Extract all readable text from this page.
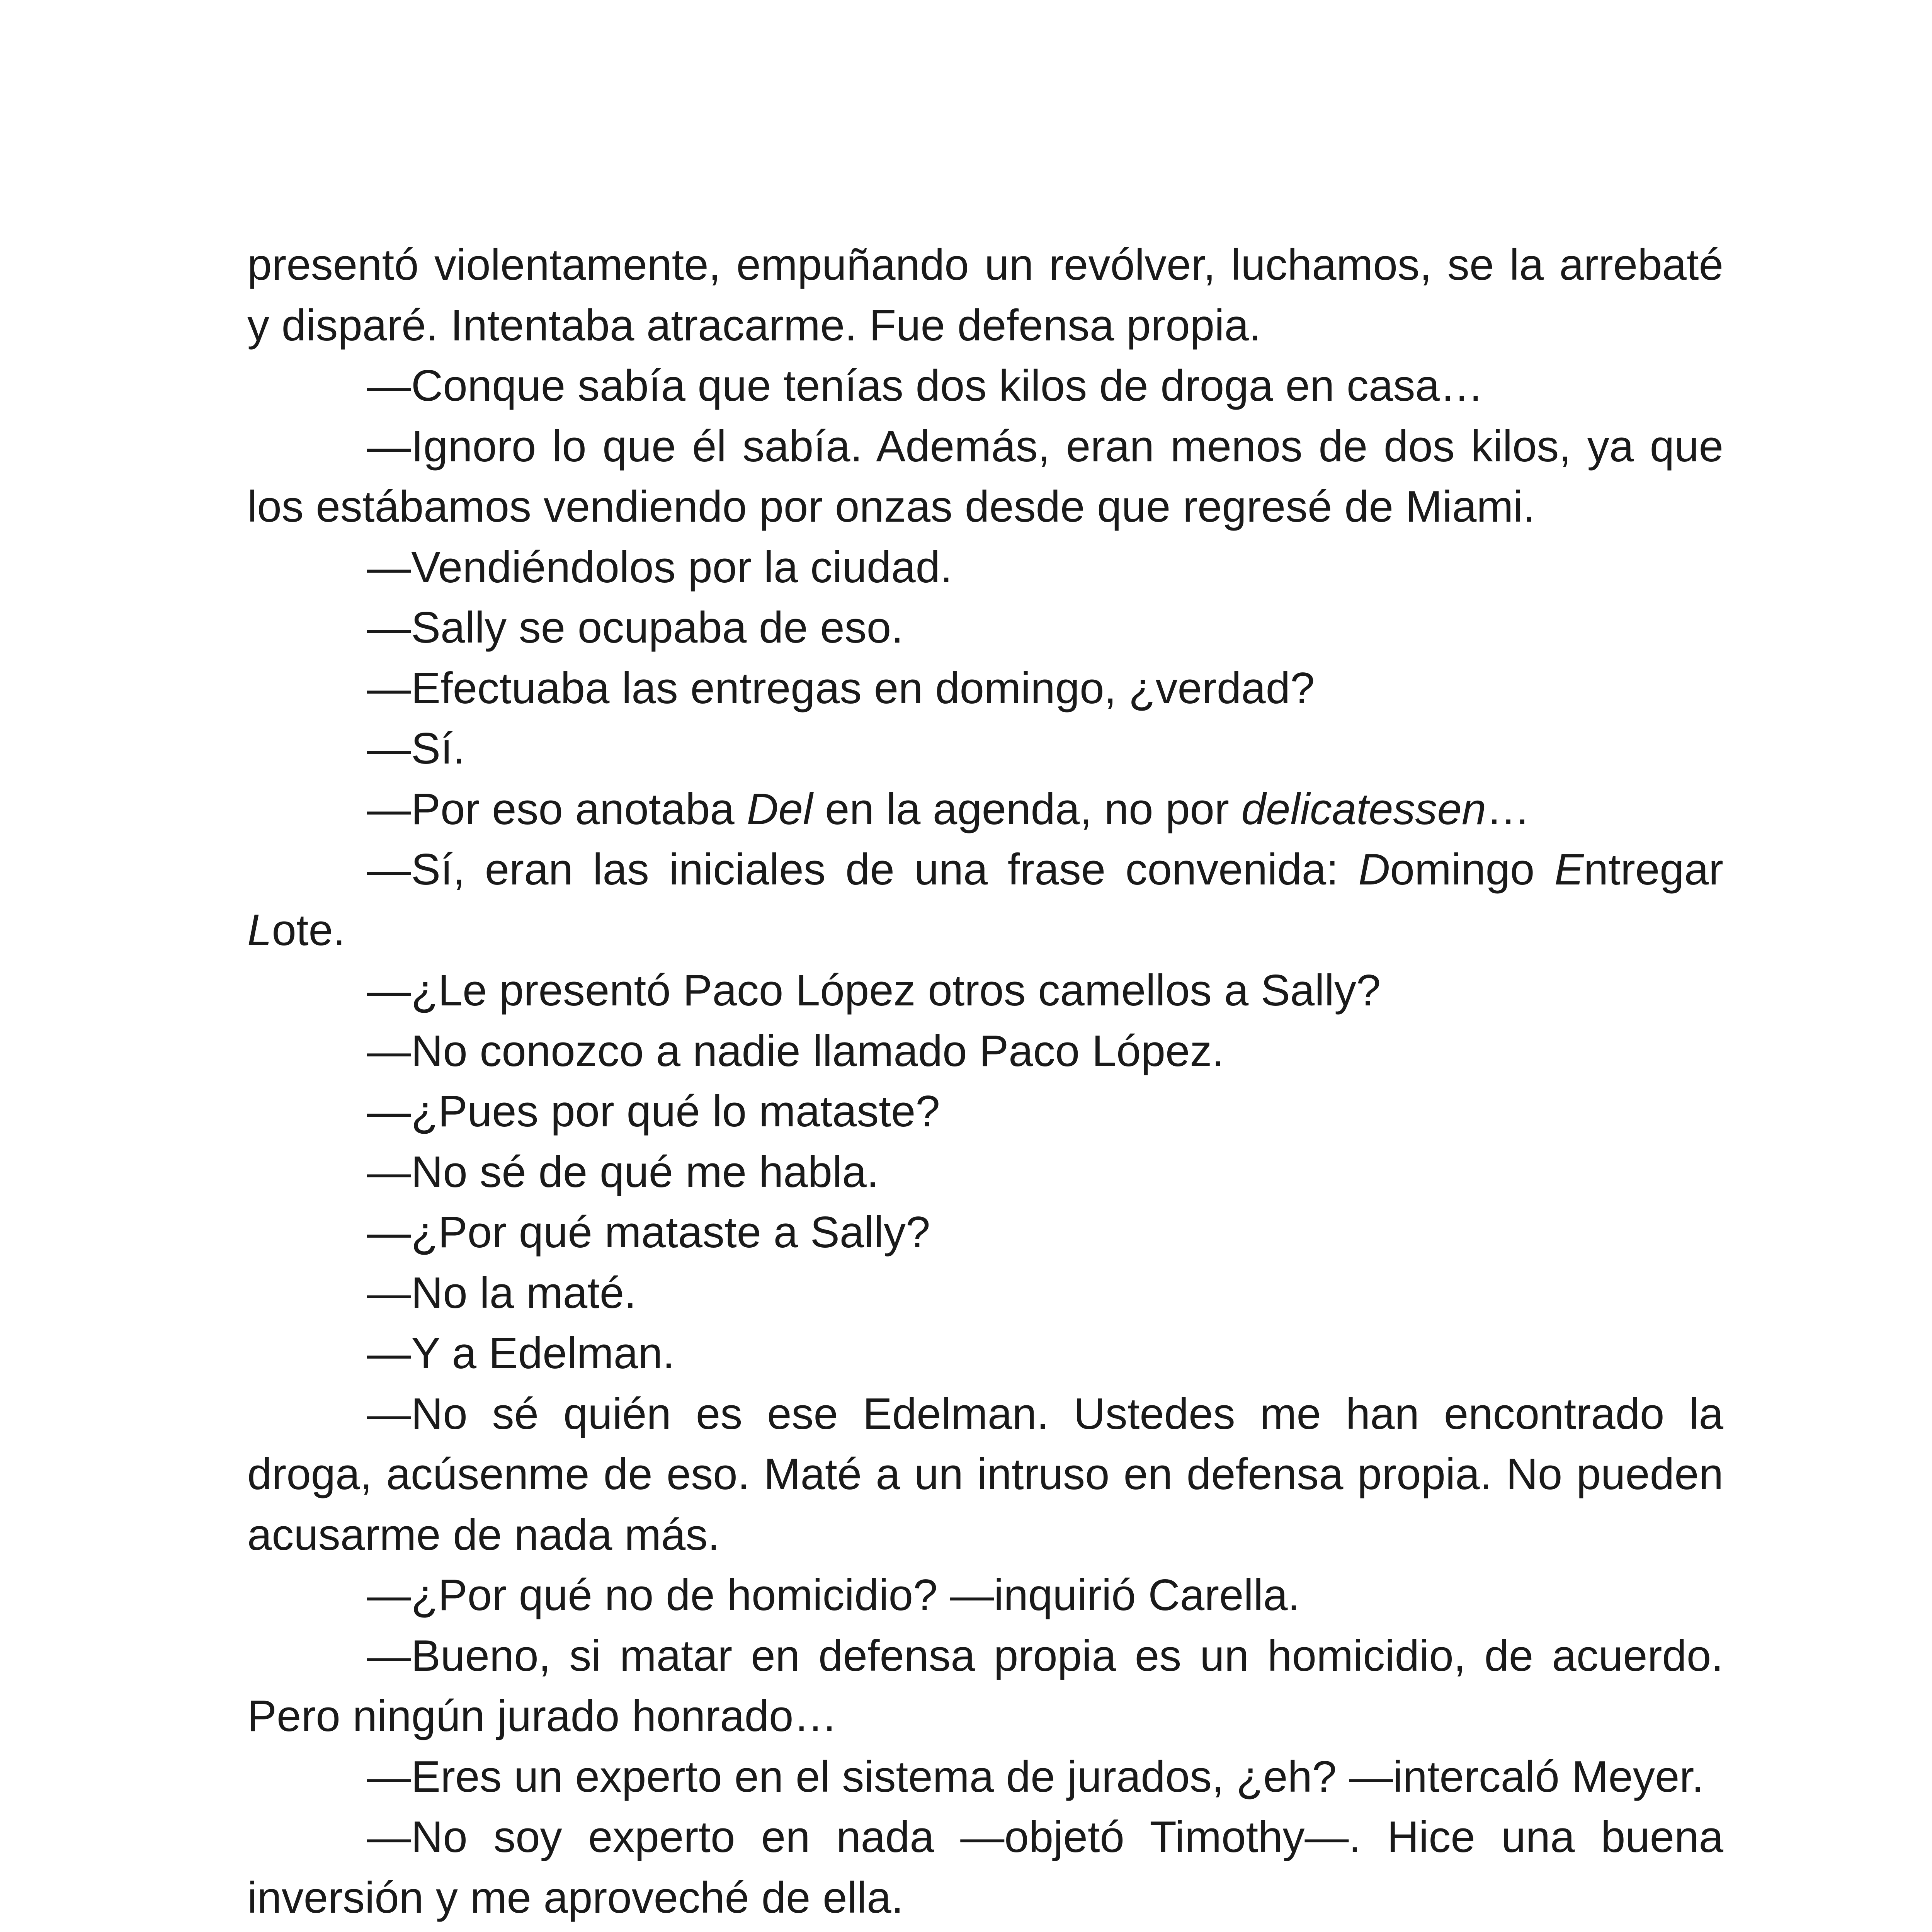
presentó violentamente, empuñando un revólver, luchamos, se la arrebaté y disparé. Intentaba atracarme. Fue defensa propia.

—Conque sabía que tenías dos kilos de droga en casa…

—Ignoro lo que él sabía. Además, eran menos de dos kilos, ya que los estábamos vendiendo por onzas desde que regresé de Miami.

—Vendiéndolos por la ciudad.

—Sally se ocupaba de eso.

—Efectuaba las entregas en domingo, ¿verdad?

—Sí.

—Por eso anotaba Del en la agenda, no por delicatessen…

—Sí, eran las iniciales de una frase convenida: Domingo Entregar Lote.

—¿Le presentó Paco López otros camellos a Sally?

—No conozco a nadie llamado Paco López.

—¿Pues por qué lo mataste?

—No sé de qué me habla.

—¿Por qué mataste a Sally?

—No la maté.

—Y a Edelman.

—No sé quién es ese Edelman. Ustedes me han encontrado la droga, acúsenme de eso. Maté a un intruso en defensa propia. No pueden acusarme de nada más.

—¿Por qué no de homicidio? —inquirió Carella.

—Bueno, si matar en defensa propia es un homicidio, de acuerdo. Pero ningún jurado honrado…

—Eres un experto en el sistema de jurados, ¿eh? —intercaló Meyer.

—No soy experto en nada —objetó Timothy—. Hice una buena inversión y me aproveché de ella.
